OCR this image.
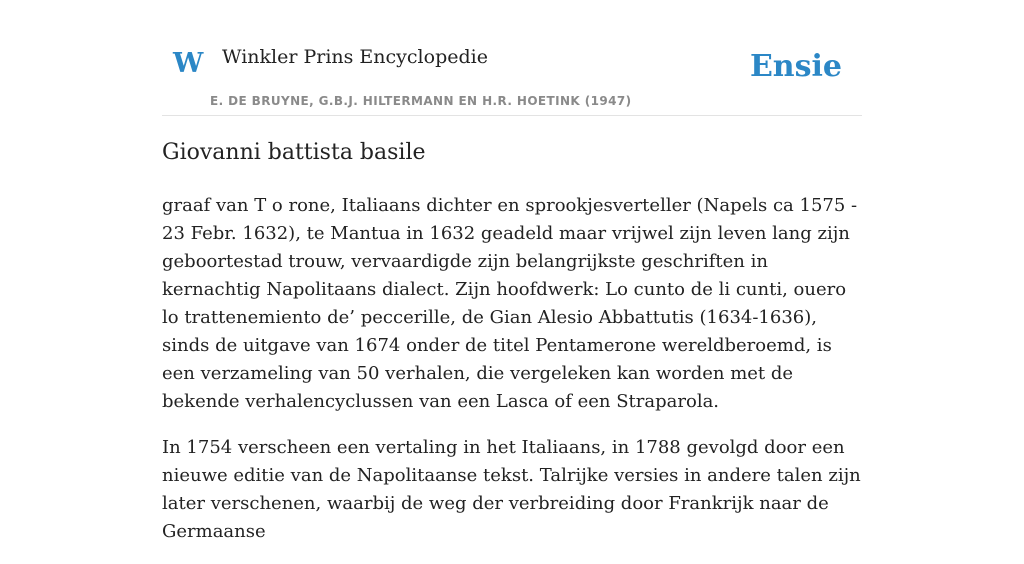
W Winkler Prins Encyclopedie
E. DE BRUYNE, G.B.J. HILTERMANN EN H.R. HOETINK (1947)
Ensie
Giovanni battista basile

graaf van T o rone, Italiaans dichter en sprookjesverteller (Napels ca 1575 - 23 Febr. 1632), te Mantua in 1632 geadeld maar vrijwel zijn leven lang zijn geboortestad trouw, vervaardigde zijn belangrijkste geschriften in kernachtig Napolitaans dialect. Zijn hoofdwerk: Lo cunto de li cunti, ouero lo trattenemiento de’ peccerille, de Gian Alesio Abbattutis (1634-1636), sinds de uitgave van 1674 onder de titel Pentamerone wereldberoemd, is een verzameling van 50 verhalen, die vergeleken kan worden met de bekende verhalencyclussen van een Lasca of een Straparola.

In 1754 verscheen een vertaling in het Italiaans, in 1788 gevolgd door een nieuwe editie van de Napolitaanse tekst. Talrijke versies in andere talen zijn later verschenen, waarbij de weg der verbreiding door Frankrijk naar de Germaanse
